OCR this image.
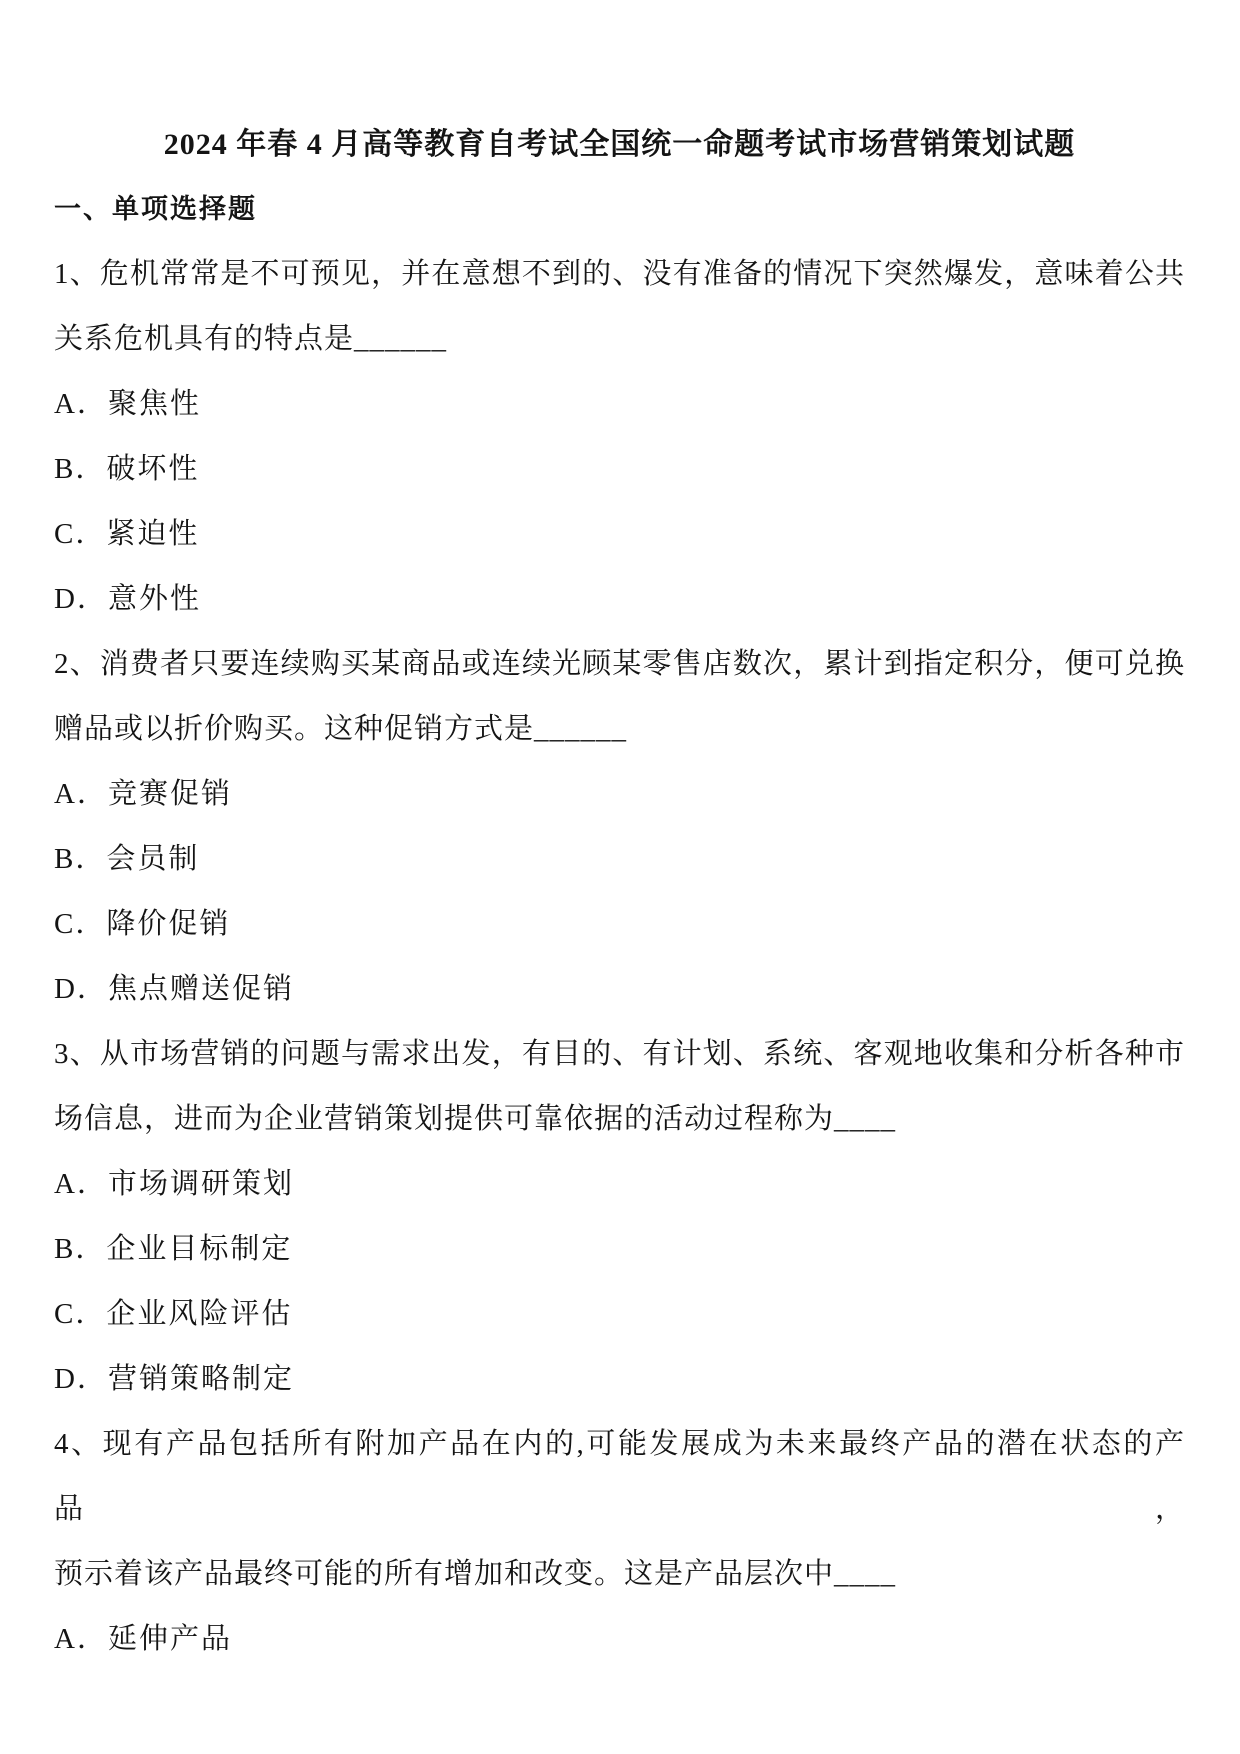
2024 年春 4 月高等教育自考试全国统一命题考试市场营销策划试题
一、单项选择题
1、危机常常是不可预见，并在意想不到的、没有准备的情况下突然爆发，意味着公共
关系危机具有的特点是______
A．聚焦性
B．破坏性
C．紧迫性
D．意外性
2、消费者只要连续购买某商品或连续光顾某零售店数次，累计到指定积分，便可兑换
赠品或以折价购买。这种促销方式是______
A．竞赛促销
B．会员制
C．降价促销
D．焦点赠送促销
3、从市场营销的问题与需求出发，有目的、有计划、系统、客观地收集和分析各种市
场信息，进而为企业营销策划提供可靠依据的活动过程称为____
A．市场调研策划
B．企业目标制定
C．企业风险评估
D．营销策略制定
4、现有产品包括所有附加产品在内的,可能发展成为未来最终产品的潜在状态的产品，
预示着该产品最终可能的所有增加和改变。这是产品层次中____
A．延伸产品
